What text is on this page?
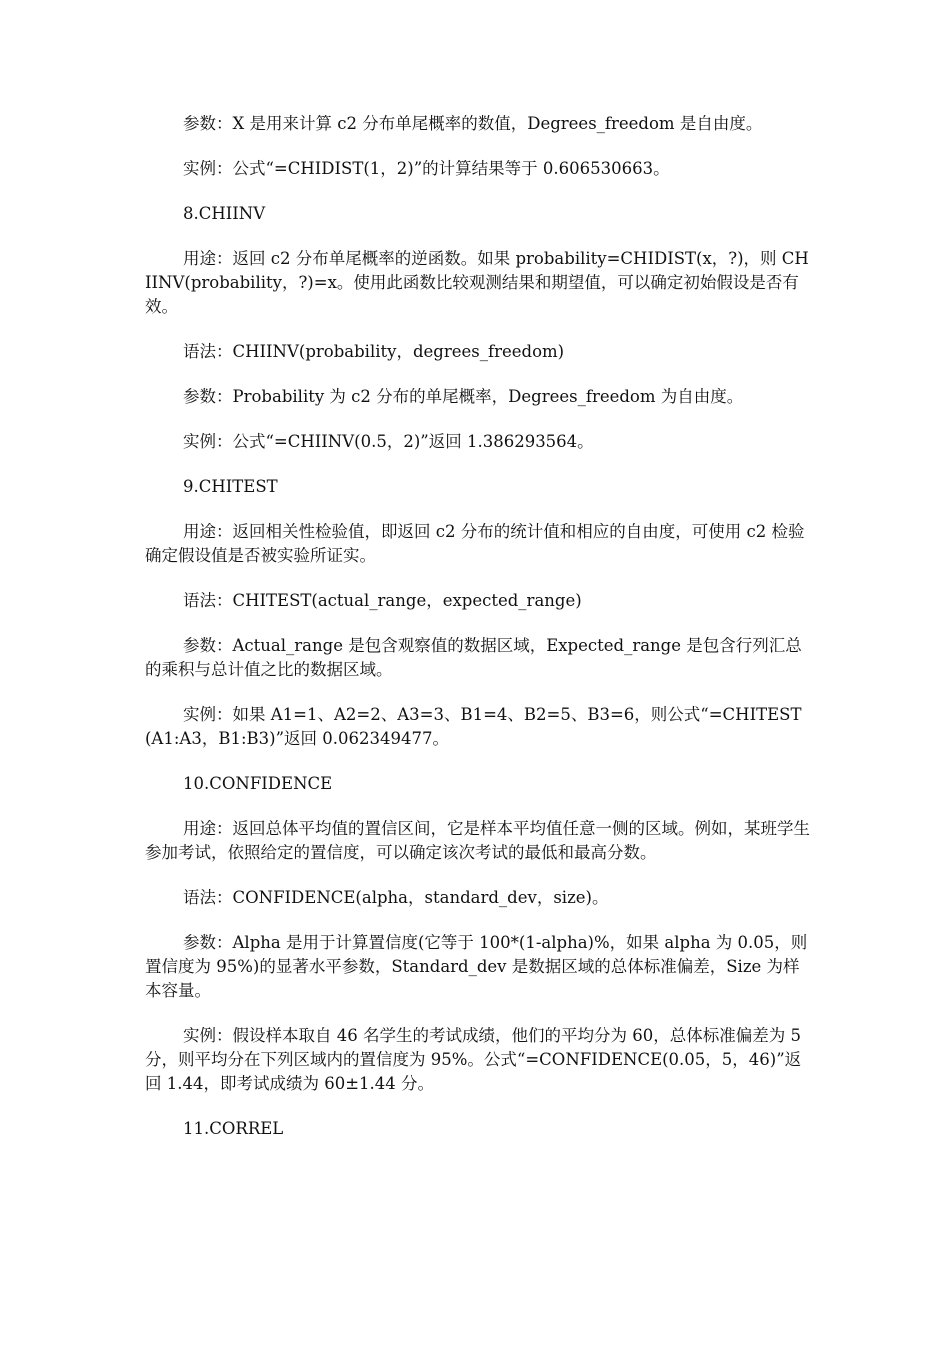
参数：X 是用来计算 c2 分布单尾概率的数值，Degrees_freedom 是自由度。

实例：公式“=CHIDIST(1，2)”的计算结果等于 0.606530663。

8.CHIINV

用途：返回 c2 分布单尾概率的逆函数。如果 probability=CHIDIST(x，?)，则 CHIINV(probability，?)=x。使用此函数比较观测结果和期望值，可以确定初始假设是否有效。

语法：CHIINV(probability，degrees_freedom)

参数：Probability 为 c2 分布的单尾概率，Degrees_freedom 为自由度。

实例：公式“=CHIINV(0.5，2)”返回 1.386293564。

9.CHITEST

用途：返回相关性检验值，即返回 c2 分布的统计值和相应的自由度，可使用 c2 检验确定假设值是否被实验所证实。

语法：CHITEST(actual_range，expected_range)

参数：Actual_range 是包含观察值的数据区域，Expected_range 是包含行列汇总的乘积与总计值之比的数据区域。

实例：如果 A1=1、A2=2、A3=3、B1=4、B2=5、B3=6，则公式“=CHITEST(A1:A3，B1:B3)”返回 0.062349477。

10.CONFIDENCE

用途：返回总体平均值的置信区间，它是样本平均值任意一侧的区域。例如，某班学生参加考试，依照给定的置信度，可以确定该次考试的最低和最高分数。

语法：CONFIDENCE(alpha，standard_dev，size)。

参数：Alpha 是用于计算置信度(它等于 100*(1-alpha)%，如果 alpha 为 0.05，则置信度为 95%)的显著水平参数，Standard_dev 是数据区域的总体标准偏差，Size 为样本容量。

实例：假设样本取自 46 名学生的考试成绩，他们的平均分为 60，总体标准偏差为 5 分，则平均分在下列区域内的置信度为 95%。公式“=CONFIDENCE(0.05，5，46)”返回 1.44，即考试成绩为 60±1.44 分。

11.CORREL
